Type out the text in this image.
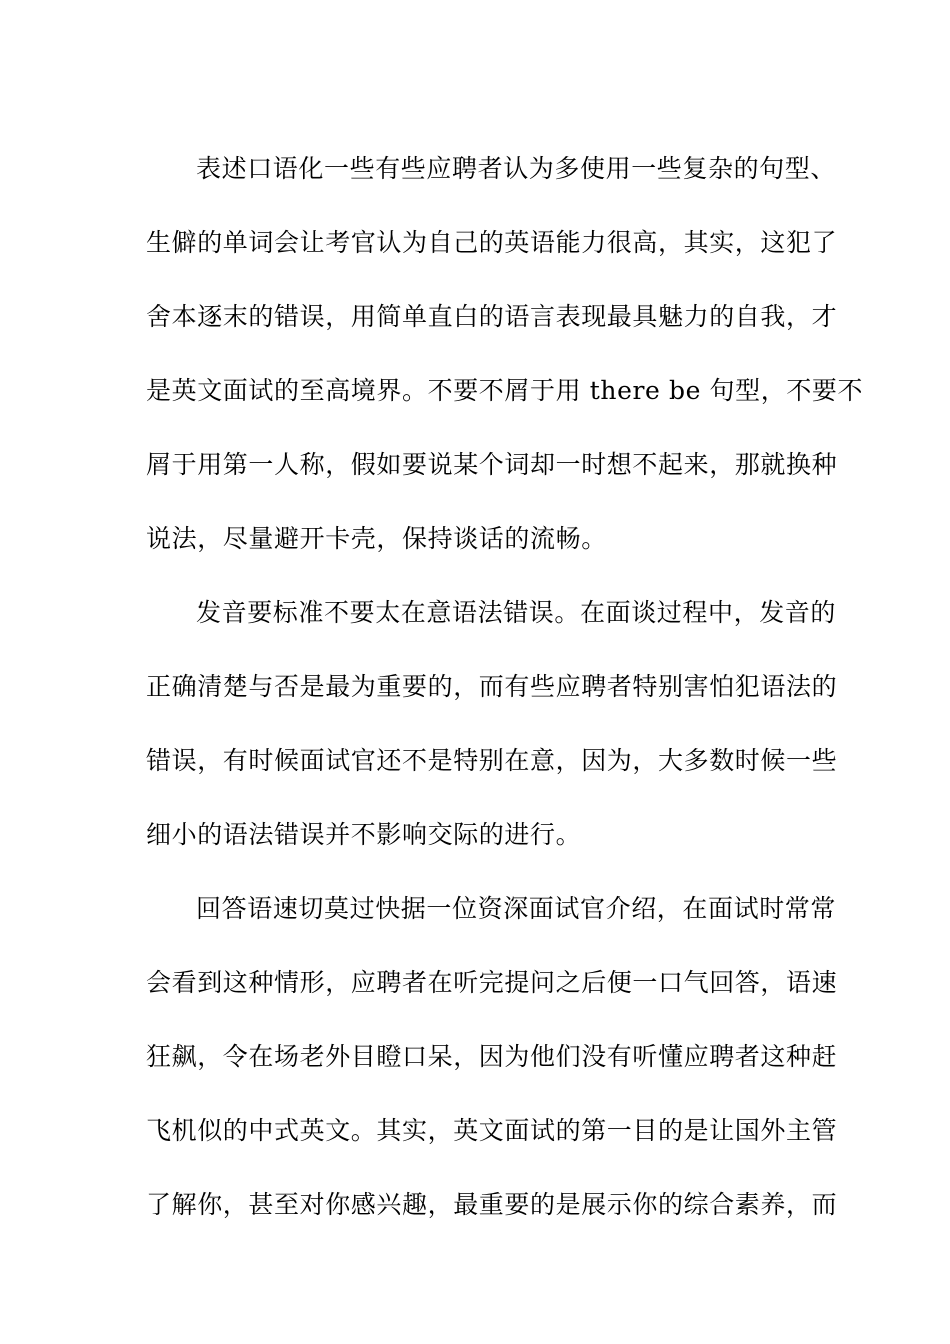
表述口语化一些有些应聘者认为多使用一些复杂的句型、
生僻的单词会让考官认为自己的英语能力很高，其实，这犯了
舍本逐末的错误，用简单直白的语言表现最具魅力的自我，才
是英文面试的至高境界。不要不屑于用 there be 句型，不要不
屑于用第一人称，假如要说某个词却一时想不起来，那就换种
说法，尽量避开卡壳，保持谈话的流畅。
发音要标准不要太在意语法错误。在面谈过程中，发音的
正确清楚与否是最为重要的，而有些应聘者特别害怕犯语法的
错误，有时候面试官还不是特别在意，因为，大多数时候一些
细小的语法错误并不影响交际的进行。
回答语速切莫过快据一位资深面试官介绍，在面试时常常
会看到这种情形，应聘者在听完提问之后便一口气回答，语速
狂飙，令在场老外目瞪口呆，因为他们没有听懂应聘者这种赶
飞机似的中式英文。其实，英文面试的第一目的是让国外主管
了解你，甚至对你感兴趣，最重要的是展示你的综合素养，而
